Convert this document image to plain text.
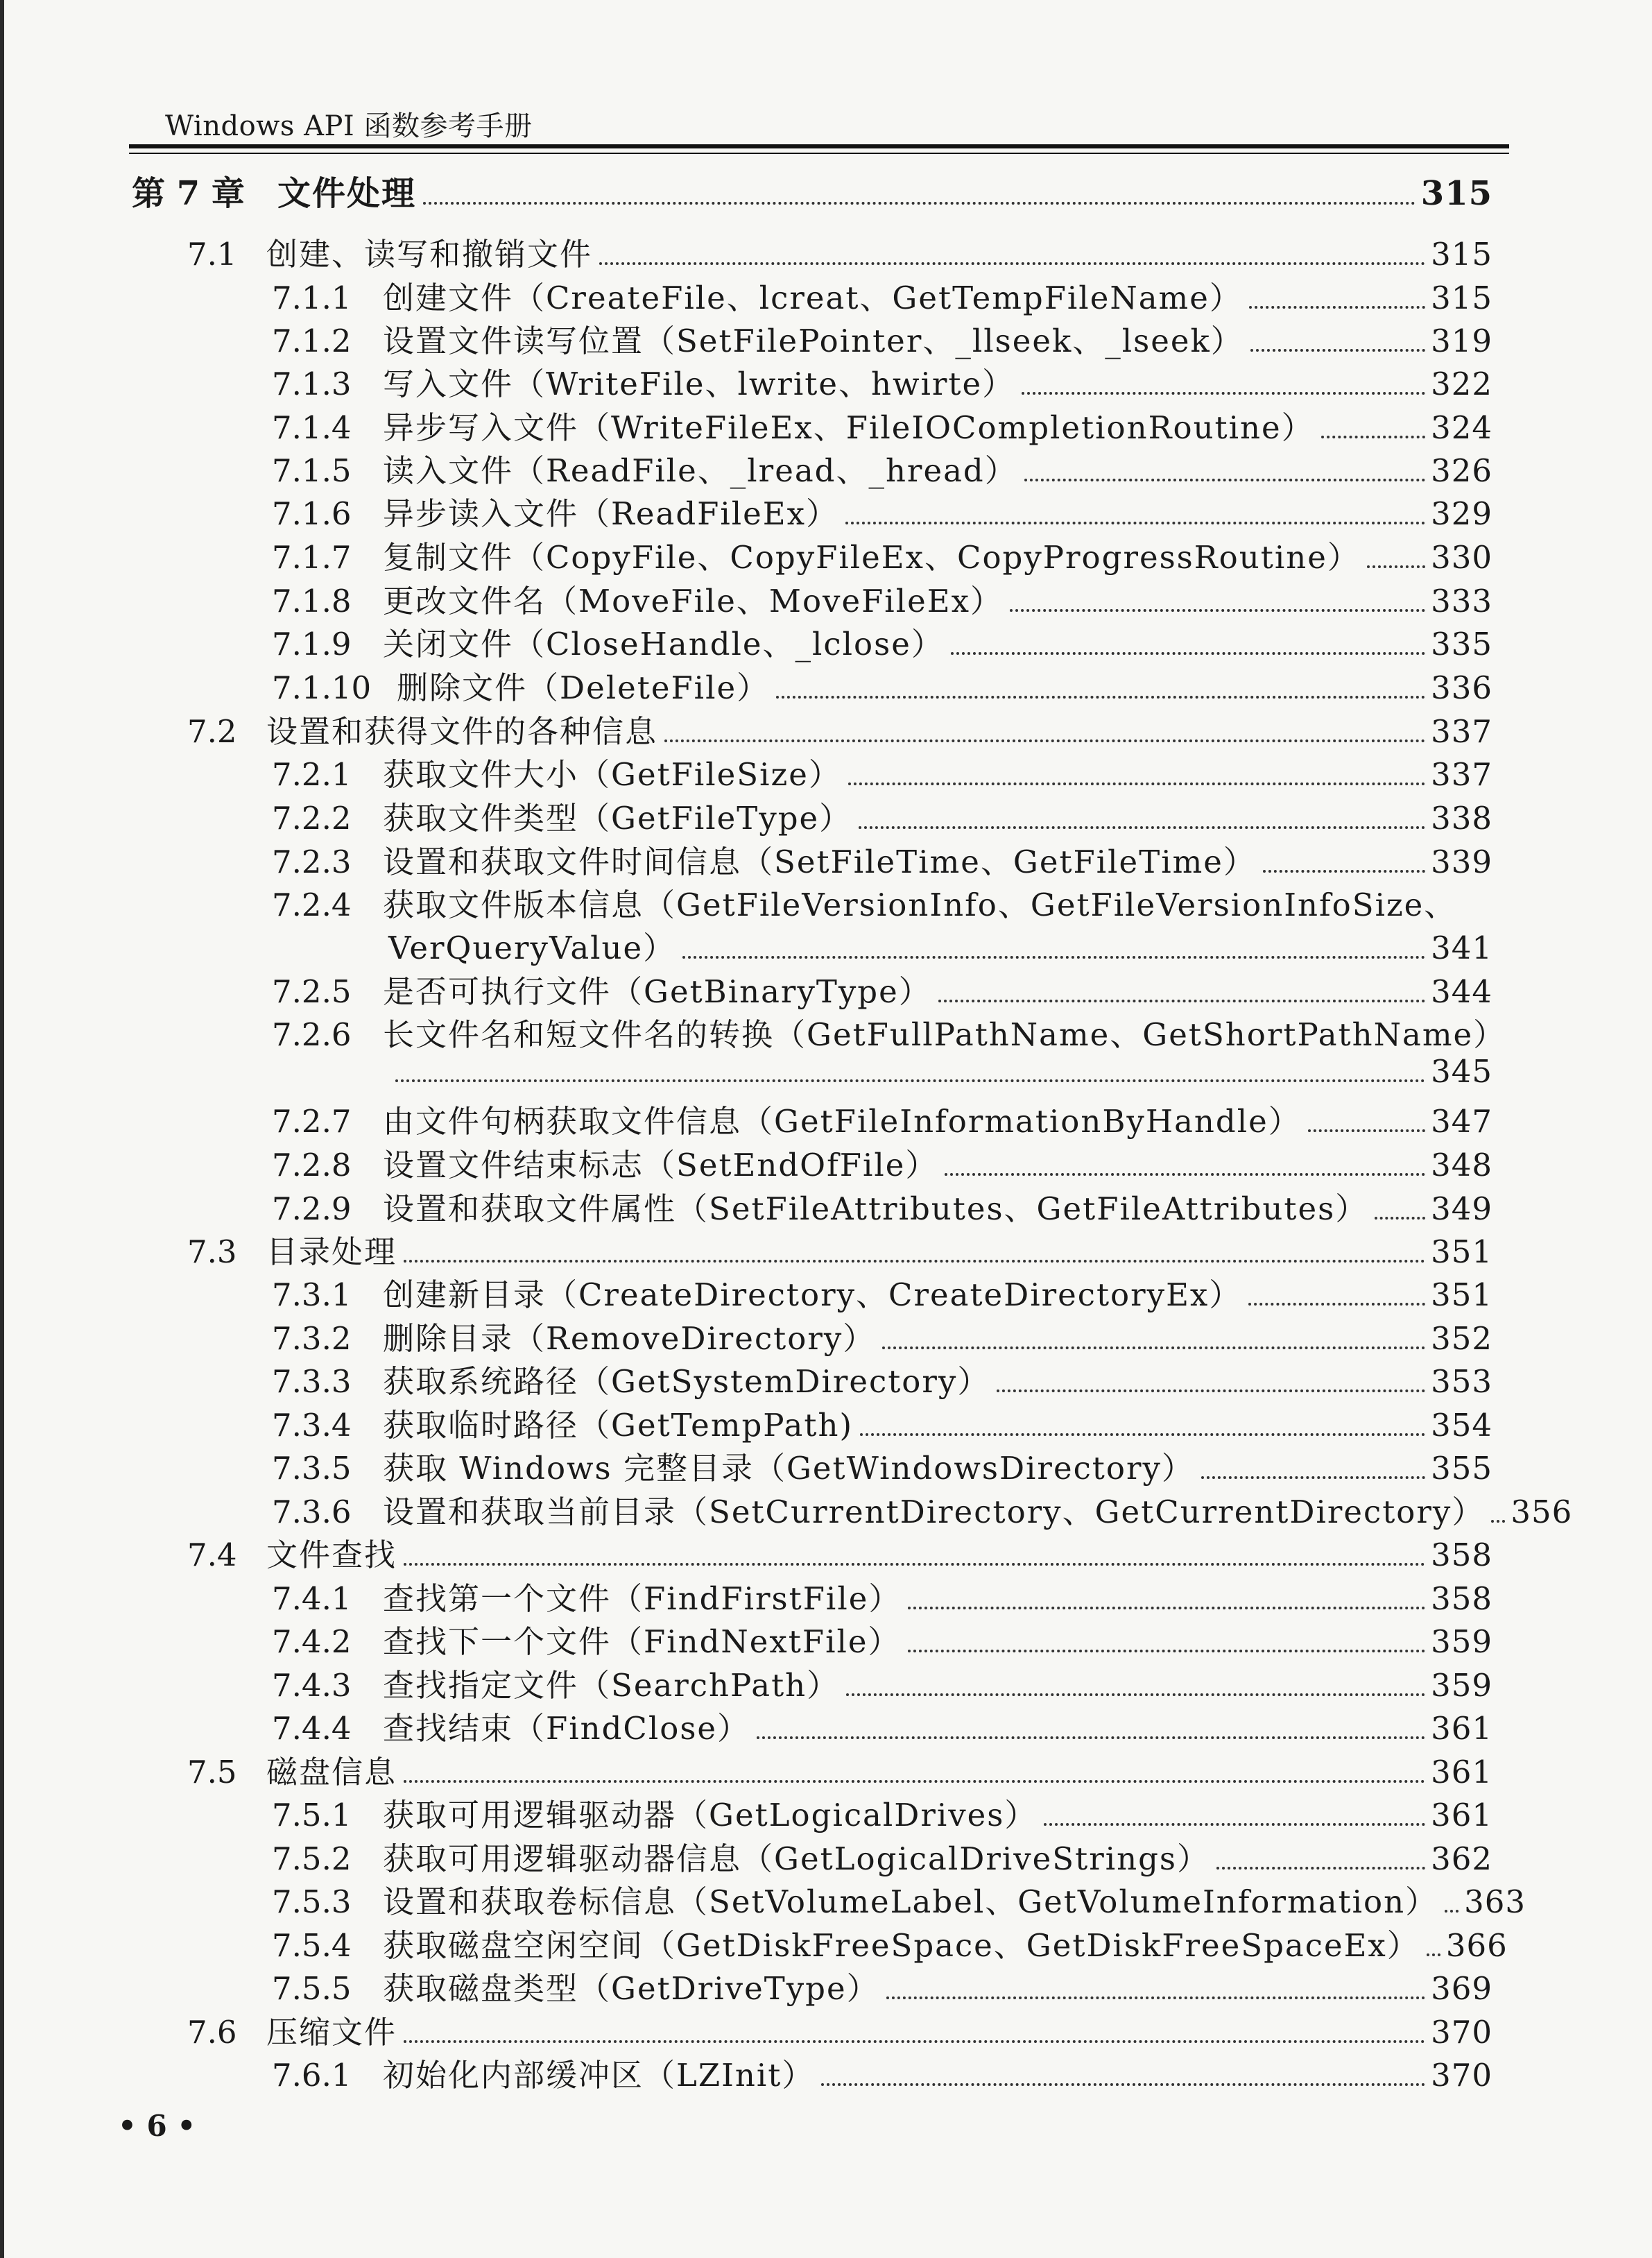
Windows API 函数参考手册
第 7 章 文件处理	315
7.1 创建、读写和撤销文件	315
7.1.1	创建文件（CreateFile、lcreat、GetTempFileName）	315
7.1.2	设置文件读写位置（SetFilePointer、_llseek、_lseek）	319
7.1.3	写入文件（WriteFile、lwrite、hwirte）	322
7.1.4	异步写入文件（WriteFileEx、FileIOCompletionRoutine）	324
7.1.5	读入文件（ReadFile、_lread、_hread）	326
7.1.6	异步读入文件（ReadFileEx）	329
7.1.7	复制文件（CopyFile、CopyFileEx、CopyProgressRoutine） 330
7.1.8	更改文件名（MoveFile、MoveFileEx）	333
7.1.9	关闭文件（CloseHandle、_lclose）	335
7.1.10 删除文件（DeleteFile）	336
7.2 设置和获得文件的各种信息	337
7.2.1	获取文件大小（GetFileSize）	337
7.2.2	获取文件类型（GetFileType）	338
7.2.3	设置和获取文件时间信息（SetFileTime、GetFileTime）	339
7.2.4 获取文件版本信息（GetFileVersionInfo、GetFileVersionInfoSize、
VerQueryValue）	341
7.2.5	是否可执行文件（GetBinaryType）	344
7.2.6 长文件名和短文件名的转换（GetFullPathName、GetShortPathName）
345
7.2.7	由文件句柄获取文件信息（GetFileInformationByHandle）	347
7.2.8	设置文件结束标志（SetEndOfFile）	348
7.2.9	设置和获取文件属性（SetFileAttributes、GetFileAttributes） 349
7.3 目录处理	351
7.3.1	创建新目录（CreateDirectory、CreateDirectoryEx）	351
7.3.2	删除目录（RemoveDirectory）	352
7.3.3	获取系统路径（GetSystemDirectory）	353
7.3.4	获取临时路径（GetTempPath)	354
7.3.5	获取 Windows 完整目录（GetWindowsDirectory）	355
7.3.6	设置和获取当前目录（SetCurrentDirectory、GetCurrentDirectory） 356
7.4 文件查找	358
7.4.1	查找第一个文件（FindFirstFile）	358
7.4.2	查找下一个文件（FindNextFile）	359
7.4.3	查找指定文件（SearchPath）	359
7.4.4	查找结束（FindClose）	361
7.5 磁盘信息	361
7.5.1	获取可用逻辑驱动器（GetLogicalDrives）	361
7.5.2	获取可用逻辑驱动器信息（GetLogicalDriveStrings）	362
7.5.3	设置和获取卷标信息（SetVolumeLabel、GetVolumeInformation） 363
7.5.4	获取磁盘空闲空间（GetDiskFreeSpace、GetDiskFreeSpaceEx） 366
7.5.5	获取磁盘类型（GetDriveType）	369
7.6 压缩文件	370
7.6.1	初始化内部缓冲区（LZInit）	370
• 6 •
